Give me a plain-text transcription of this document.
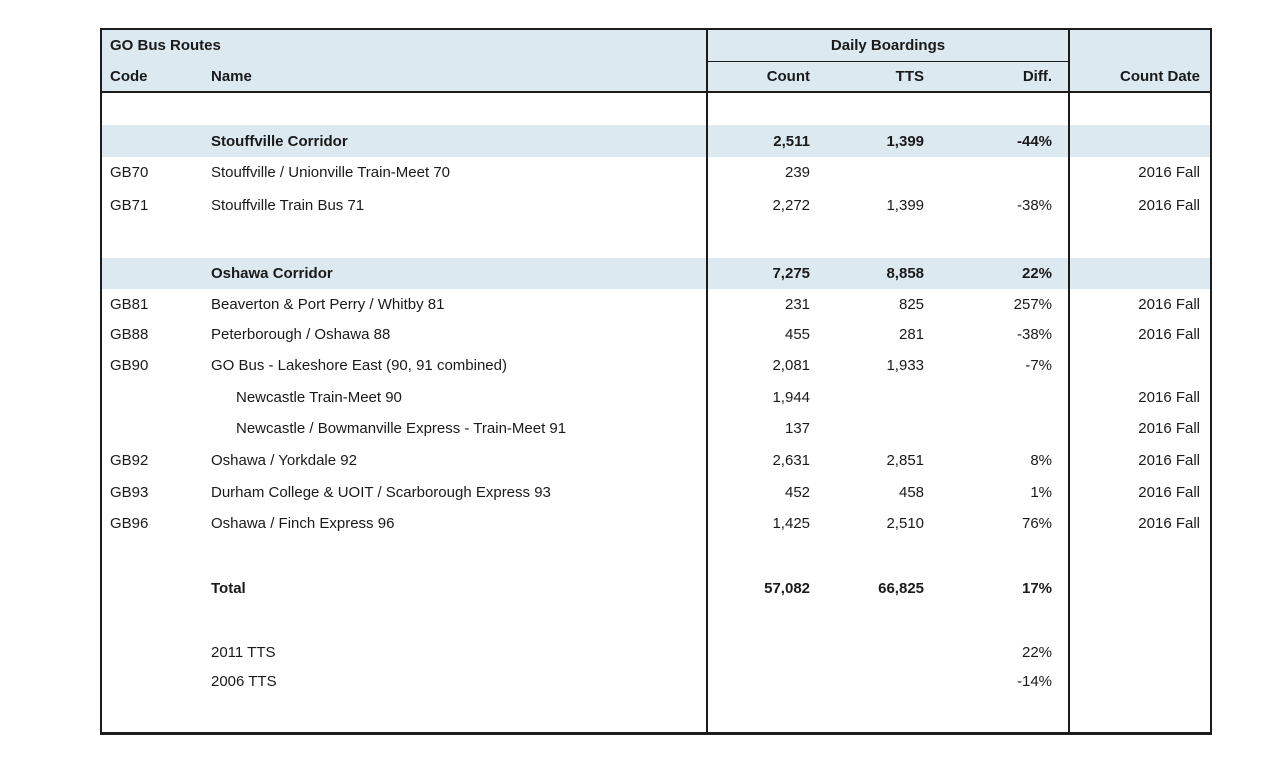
GO Bus Routes		Daily Boardings			Count Date
Code	Name	Count	TTS	Diff.	

	Stouffville Corridor	2,511	1,399	-44%	
GB70	Stouffville / Unionville Train-Meet 70	239			2016 Fall
GB71	Stouffville Train Bus 71	2,272	1,399	-38%	2016 Fall

	Oshawa Corridor	7,275	8,858	22%	
GB81	Beaverton & Port Perry / Whitby 81	231	825	257%	2016 Fall
GB88	Peterborough / Oshawa 88	455	281	-38%	2016 Fall
GB90	GO Bus - Lakeshore East (90, 91 combined)	2,081	1,933	-7%	
	Newcastle Train-Meet 90	1,944			2016 Fall
	Newcastle / Bowmanville Express - Train-Meet 91	137			2016 Fall
GB92	Oshawa / Yorkdale 92	2,631	2,851	8%	2016 Fall
GB93	Durham College & UOIT / Scarborough Express 93	452	458	1%	2016 Fall
GB96	Oshawa / Finch Express 96	1,425	2,510	76%	2016 Fall

	Total	57,082	66,825	17%	

	2011 TTS			22%	
	2006 TTS			-14%	
